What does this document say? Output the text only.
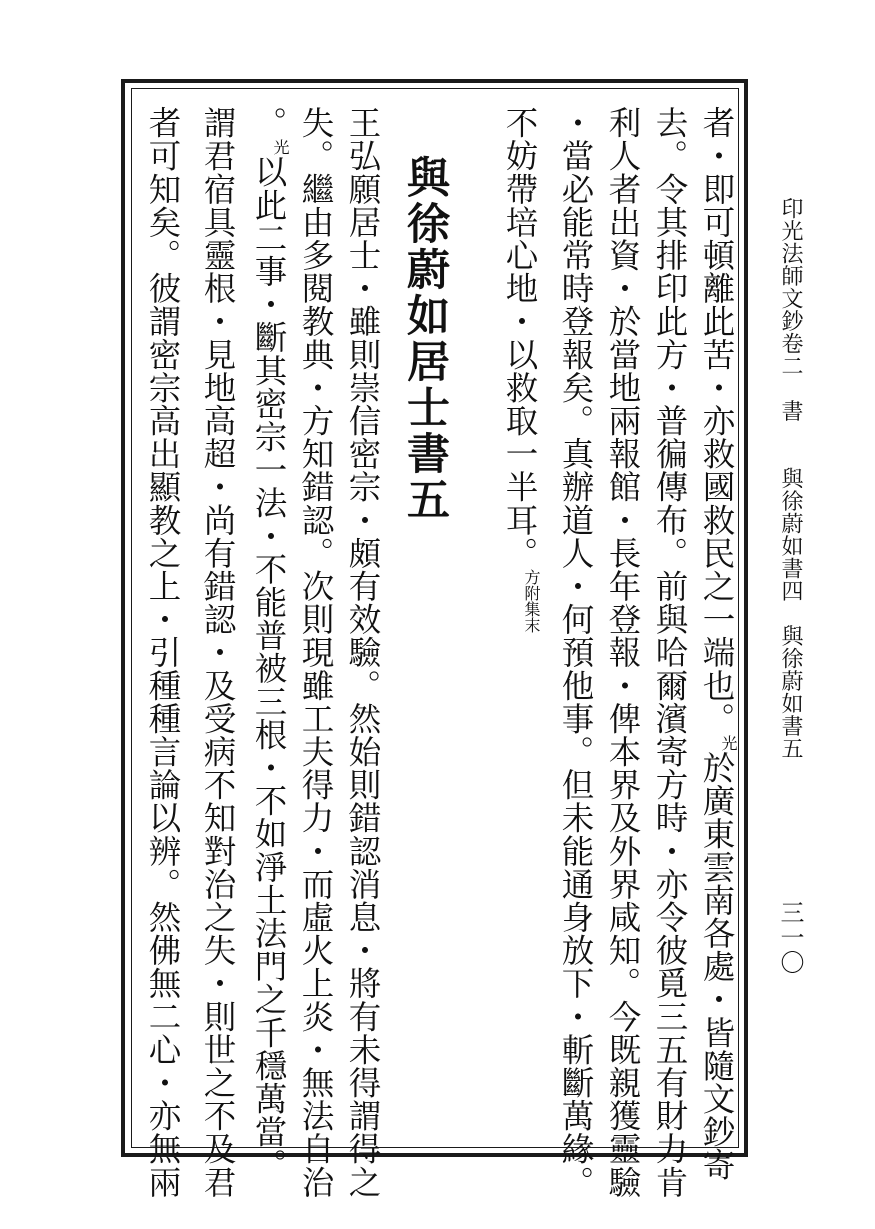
印光法師文鈔卷二　書　　與徐蔚如書四　與徐蔚如書五
三一〇
者・即可頓離此苦・亦救國救民之一端也。光於廣東雲南各處・皆隨文鈔寄
去。令其排印此方・普徧傳布。前與哈爾濱寄方時・亦令彼覓三五有財力肯
利人者出資・於當地兩報館・長年登報・俾本界及外界咸知。今既親獲靈驗
・當必能常時登報矣。真辦道人・何預他事。但未能通身放下・斬斷萬緣。
不妨帶培心地・以救取一半耳。方附集末
與徐蔚如居士書五
王弘願居士・雖則崇信密宗・頗有效驗。然始則錯認消息・將有未得謂得之
失。繼由多閱教典・方知錯認。次則現雖工夫得力・而虛火上炎・無法自治
。光以此二事・斷其密宗一法・不能普被三根・不如淨土法門之千穩萬當。
謂君宿具靈根・見地高超・尚有錯認・及受病不知對治之失・則世之不及君
者可知矣。彼謂密宗高出顯教之上・引種種言論以辨。然佛無二心・亦無兩
